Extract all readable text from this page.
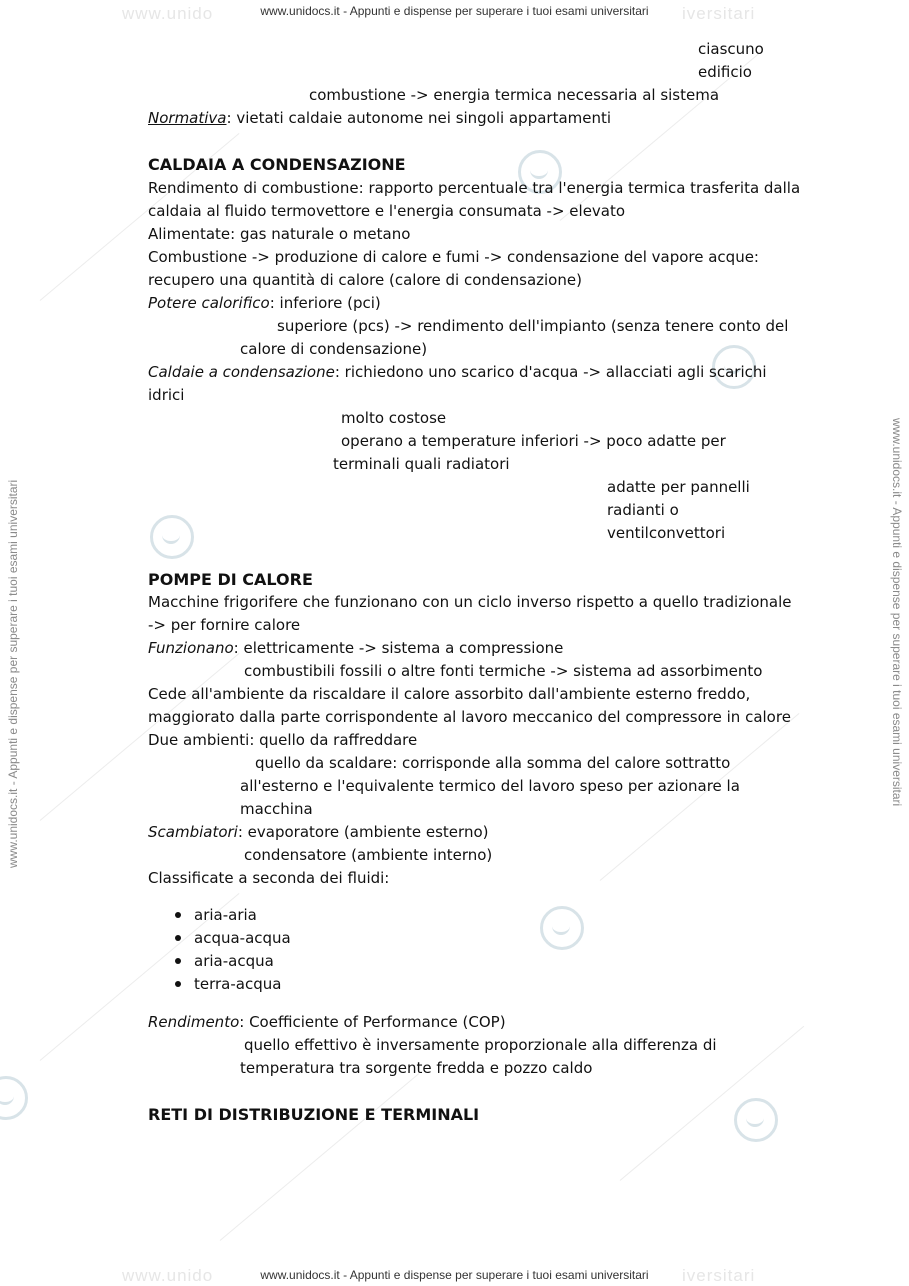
www.unido	iversitari
www.unidocs.it - Appunti e dispense per superare i tuoi esami universitari
www.unido	iversitari
www.unidocs.it - Appunti e dispense per superare i tuoi esami universitari
www.unidocs.it - Appunti e dispense per superare i tuoi esami universitari	www.unidocs.it - Appunti e dispense per superare i tuoi esami universitari
ciascuno
edificio
combustione -> energia termica necessaria al sistema
Normativa: vietati caldaie autonome nei singoli appartamenti
CALDAIA A CONDENSAZIONE
Rendimento di combustione: rapporto percentuale tra l'energia termica trasferita dalla
caldaia al fluido termovettore e l'energia consumata -> elevato
Alimentate: gas naturale o metano
Combustione -> produzione di calore e fumi -> condensazione del vapore acque:
recupero una quantità di calore (calore di condensazione)
Potere calorifico: inferiore (pci)
superiore (pcs) -> rendimento dell'impianto (senza tenere conto del
calore di condensazione)
Caldaie a condensazione: richiedono uno scarico d'acqua -> allacciati agli scarichi
idrici
molto costose
operano a temperature inferiori -> poco adatte per
terminali quali radiatori
adatte per pannelli
radianti o
ventilconvettori
POMPE DI CALORE
Macchine frigorifere che funzionano con un ciclo inverso rispetto a quello tradizionale
-> per fornire calore
Funzionano: elettricamente -> sistema a compressione
combustibili fossili o altre fonti termiche -> sistema ad assorbimento
Cede all'ambiente da riscaldare il calore assorbito dall'ambiente esterno freddo,
maggiorato dalla parte corrispondente al lavoro meccanico del compressore in calore
Due ambienti: quello da raffreddare
quello da scaldare: corrisponde alla somma del calore sottratto
all'esterno e l'equivalente termico del lavoro speso per azionare la
macchina
Scambiatori: evaporatore (ambiente esterno)
condensatore (ambiente interno)
Classificate a seconda dei fluidi:
aria-aria
acqua-acqua
aria-acqua
terra-acqua
Rendimento: Coefficiente of Performance (COP)
quello effettivo è inversamente proporzionale alla differenza di
temperatura tra sorgente fredda e pozzo caldo
RETI DI DISTRIBUZIONE E TERMINALI
